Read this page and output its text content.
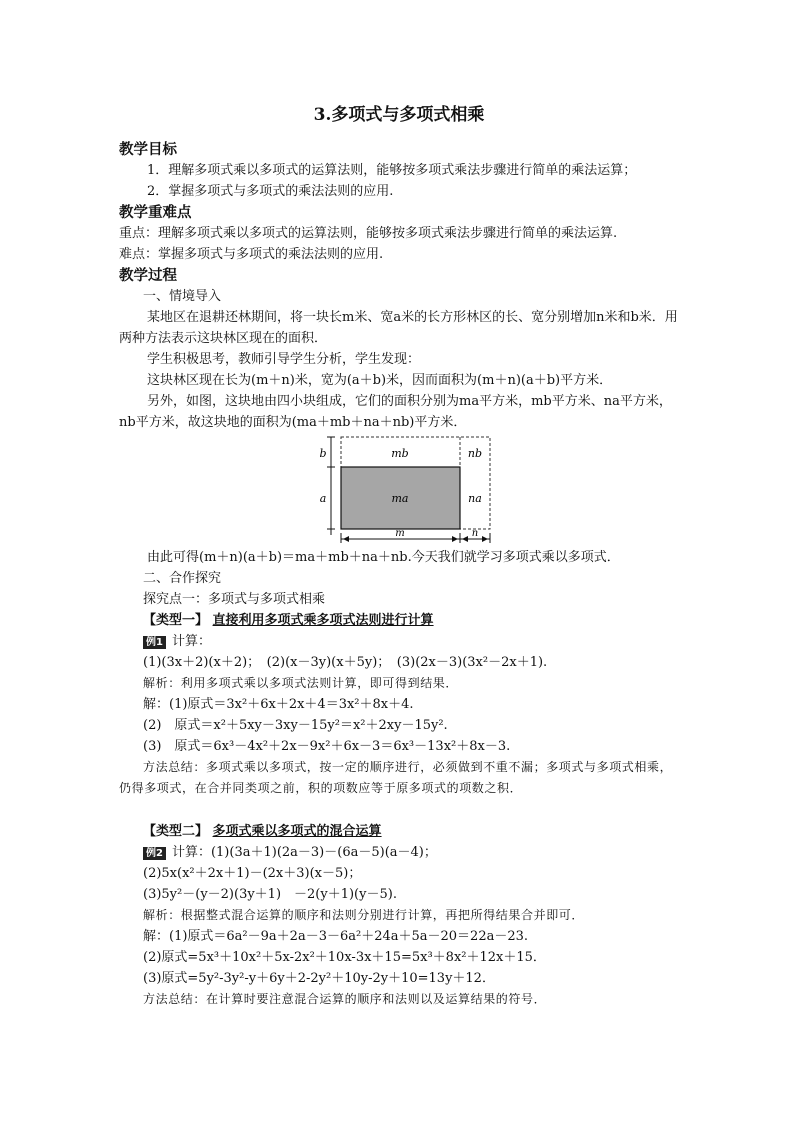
3.多项式与多项式相乘

教学目标

1．理解多项式乘以多项式的运算法则，能够按多项式乘法步骤进行简单的乘法运算；

2．掌握多项式与多项式的乘法法则的应用.

教学重难点

重点：理解多项式乘以多项式的运算法则，能够按多项式乘法步骤进行简单的乘法运算.

难点：掌握多项式与多项式的乘法法则的应用.

教学过程

一、情境导入

某地区在退耕还林期间，将一块长m米、宽a米的长方形林区的长、宽分别增加n米和b米．用两种方法表示这块林区现在的面积．

学生积极思考，教师引导学生分析，学生发现：

这块林区现在长为(m＋n)米，宽为(a＋b)米，因而面积为(m＋n)(a＋b)平方米．

另外，如图，这块地由四小块组成，它们的面积分别为ma平方米，mb平方米、na平方米，nb平方米，故这块地的面积为(ma＋mb＋na＋nb)平方米．

mb	nb
ma	na
b
a
m	n

由此可得(m＋n)(a＋b)＝ma＋mb＋na＋nb.今天我们就学习多项式乘以多项式．

二、合作探究

探究点一：多项式与多项式相乘

【类型一】 直接利用多项式乘多项式法则进行计算

例1 计算：

(1)(3x＋2)(x＋2)；　(2)(x－3y)(x＋5y)；　(3)(2x－3)(3x²－2x＋1).

解析：利用多项式乘以多项式法则计算，即可得到结果．

解：(1)原式＝3x²＋6x＋2x＋4＝3x²＋8x＋4.

(2)　原式＝x²＋5xy－3xy－15y²＝x²＋2xy－15y².

(3)　原式＝6x³－4x²＋2x－9x²＋6x－3＝6x³－13x²＋8x－3.

方法总结：多项式乘以多项式，按一定的顺序进行，必须做到不重不漏；多项式与多项式相乘，仍得多项式，在合并同类项之前，积的项数应等于原多项式的项数之积．

【类型二】 多项式乘以多项式的混合运算

例2 计算：(1)(3a＋1)(2a－3)－(6a－5)(a－4)；

(2)5x(x²＋2x＋1)－(2x＋3)(x－5)；

(3)5y²－(y－2)(3y＋1)　－2(y＋1)(y－5).

解析：根据整式混合运算的顺序和法则分别进行计算，再把所得结果合并即可．

解：(1)原式＝6a²－9a＋2a－3－6a²＋24a＋5a－20＝22a－23.

(2)原式=5x³＋10x²＋5x-2x²＋10x-3x＋15=5x³＋8x²＋12x＋15．

(3)原式=5y²-3y²-y＋6y＋2-2y²＋10y-2y＋10=13y＋12．

方法总结：在计算时要注意混合运算的顺序和法则以及运算结果的符号．
